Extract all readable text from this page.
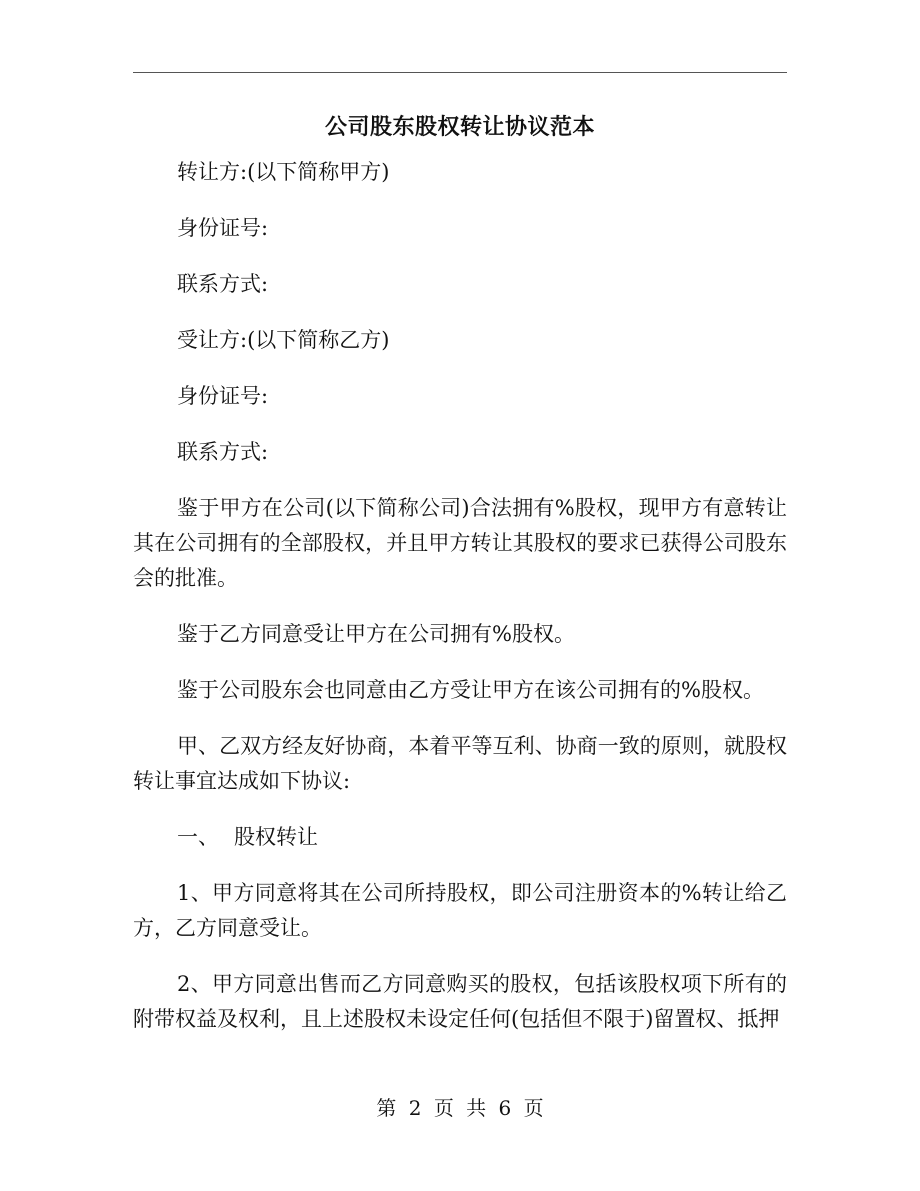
公司股东股权转让协议范本

转让方:(以下简称甲方)

身份证号:

联系方式:

受让方:(以下简称乙方)

身份证号:

联系方式:

鉴于甲方在公司(以下简称公司)合法拥有%股权，现甲方有意转让其在公司拥有的全部股权，并且甲方转让其股权的要求已获得公司股东会的批准。

鉴于乙方同意受让甲方在公司拥有%股权。

鉴于公司股东会也同意由乙方受让甲方在该公司拥有的%股权。

甲、乙双方经友好协商，本着平等互利、协商一致的原则，就股权转让事宜达成如下协议:

一、 股权转让

1、甲方同意将其在公司所持股权，即公司注册资本的%转让给乙方，乙方同意受让。

2、甲方同意出售而乙方同意购买的股权，包括该股权项下所有的附带权益及权利，且上述股权未设定任何(包括但不限于)留置权、抵押

第 2 页 共 6 页
